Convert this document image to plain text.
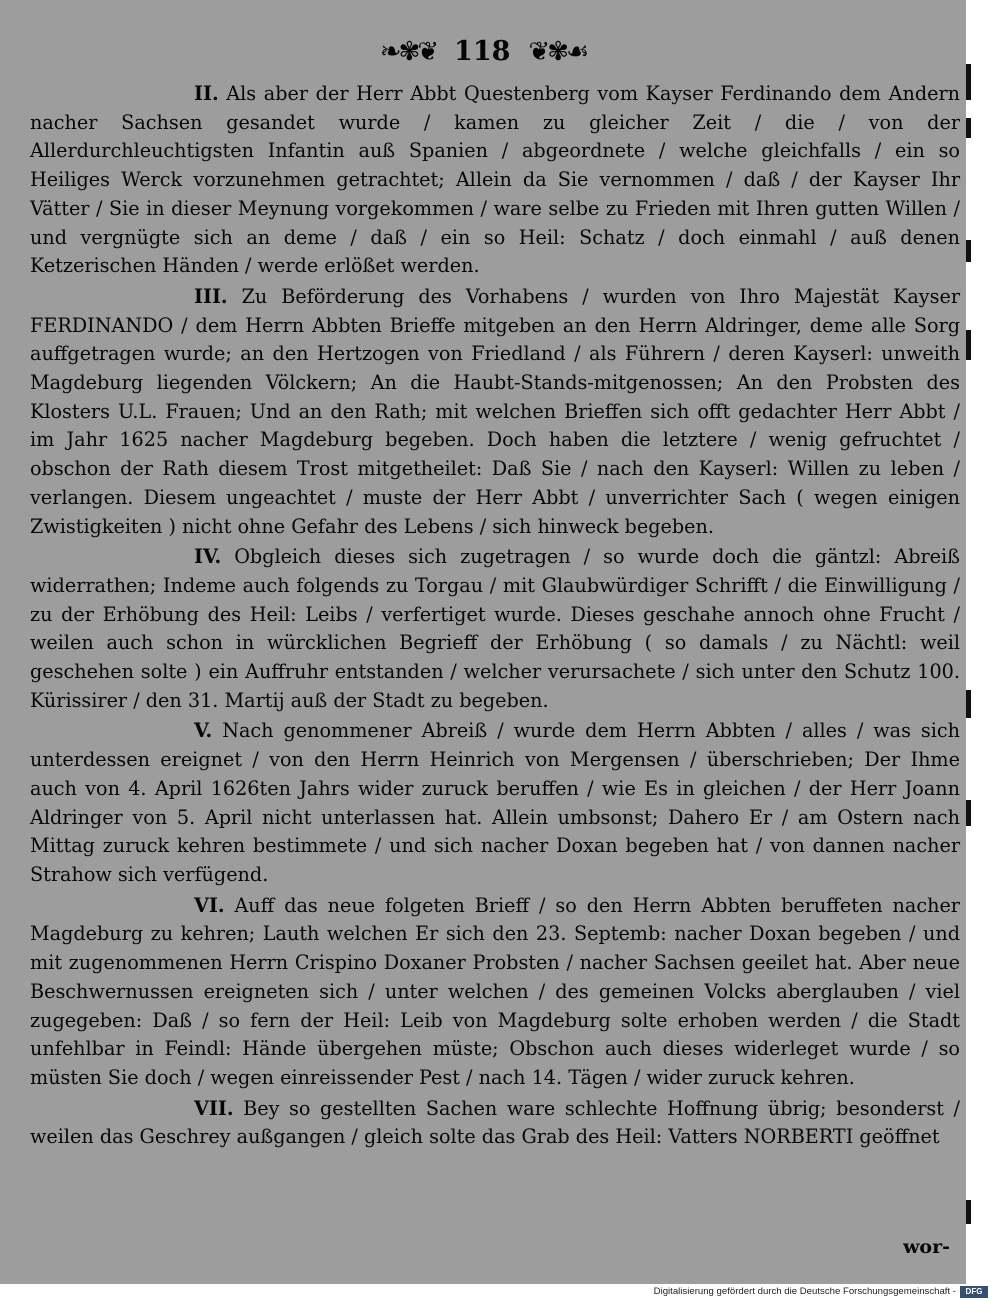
❧✾❦ 118 ❦✾☙

II. Als aber der Herr Abbt Questenberg vom Kayser Ferdinando dem Andern nacher Sachsen gesandet wurde / kamen zu gleicher Zeit / die / von der Allerdurchleuchtigsten Infantin auß Spanien / abgeordnete / welche gleichfalls / ein so Heiliges Werck vorzunehmen getrachtet; Allein da Sie vernommen / daß / der Kayser Ihr Vätter / Sie in dieser Meynung vorgekommen / ware selbe zu Frieden mit Ihren gutten Willen / und vergnügte sich an deme / daß / ein so Heil: Schatz / doch einmahl / auß denen Ketzerischen Händen / werde erlößet werden.

III. Zu Beförderung des Vorhabens / wurden von Ihro Majestät Kayser FERDINANDO / dem Herrn Abbten Brieffe mitgeben an den Herrn Aldringer, deme alle Sorg auffgetragen wurde; an den Hertzogen von Friedland / als Führern / deren Kayserl: unweith Magdeburg liegenden Völckern; An die Haubt-Stands-mitgenossen; An den Probsten des Klosters U.L. Frauen; Und an den Rath; mit welchen Brieffen sich offt gedachter Herr Abbt / im Jahr 1625 nacher Magdeburg begeben. Doch haben die letztere / wenig gefruchtet / obschon der Rath diesem Trost mitgetheilet: Daß Sie / nach den Kayserl: Willen zu leben / verlangen. Diesem ungeachtet / muste der Herr Abbt / unverrichter Sach ( wegen einigen Zwistigkeiten ) nicht ohne Gefahr des Lebens / sich hinweck begeben.

IV. Obgleich dieses sich zugetragen / so wurde doch die gäntzl: Abreiß widerrathen; Indeme auch folgends zu Torgau / mit Glaubwürdiger Schrifft / die Einwilligung / zu der Erhöbung des Heil: Leibs / verfertiget wurde. Dieses geschahe annoch ohne Frucht / weilen auch schon in würcklichen Begrieff der Erhöbung ( so damals / zu Nächtl: weil geschehen solte ) ein Auffruhr entstanden / welcher verursachete / sich unter den Schutz 100. Kürissirer / den 31. Martij auß der Stadt zu begeben.

V. Nach genommener Abreiß / wurde dem Herrn Abbten / alles / was sich unterdessen ereignet / von den Herrn Heinrich von Mergensen / überschrieben; Der Ihme auch von 4. April 1626ten Jahrs wider zuruck beruffen / wie Es in gleichen / der Herr Joann Aldringer von 5. April nicht unterlassen hat. Allein umbsonst; Dahero Er / am Ostern nach Mittag zuruck kehren bestimmete / und sich nacher Doxan begeben hat / von dannen nacher Strahow sich verfügend.

VI. Auff das neue folgeten Brieff / so den Herrn Abbten beruffeten nacher Magdeburg zu kehren; Lauth welchen Er sich den 23. Septemb: nacher Doxan begeben / und mit zugenommenen Herrn Crispino Doxaner Probsten / nacher Sachsen geeilet hat. Aber neue Beschwernussen ereigneten sich / unter welchen / des gemeinen Volcks aberglauben / viel zugegeben: Daß / so fern der Heil: Leib von Magdeburg solte erhoben werden / die Stadt unfehlbar in Feindl: Hände übergehen müste; Obschon auch dieses widerleget wurde / so müsten Sie doch / wegen einreissender Pest / nach 14. Tägen / wider zuruck kehren.

VII. Bey so gestellten Sachen ware schlechte Hoffnung übrig; besonderst / weilen das Geschrey außgangen / gleich solte das Grab des Heil: Vatters NORBERTI geöffnet

wor-
Digitalisierung gefördert durch die Deutsche Forschungsgemeinschaft -	DFG
